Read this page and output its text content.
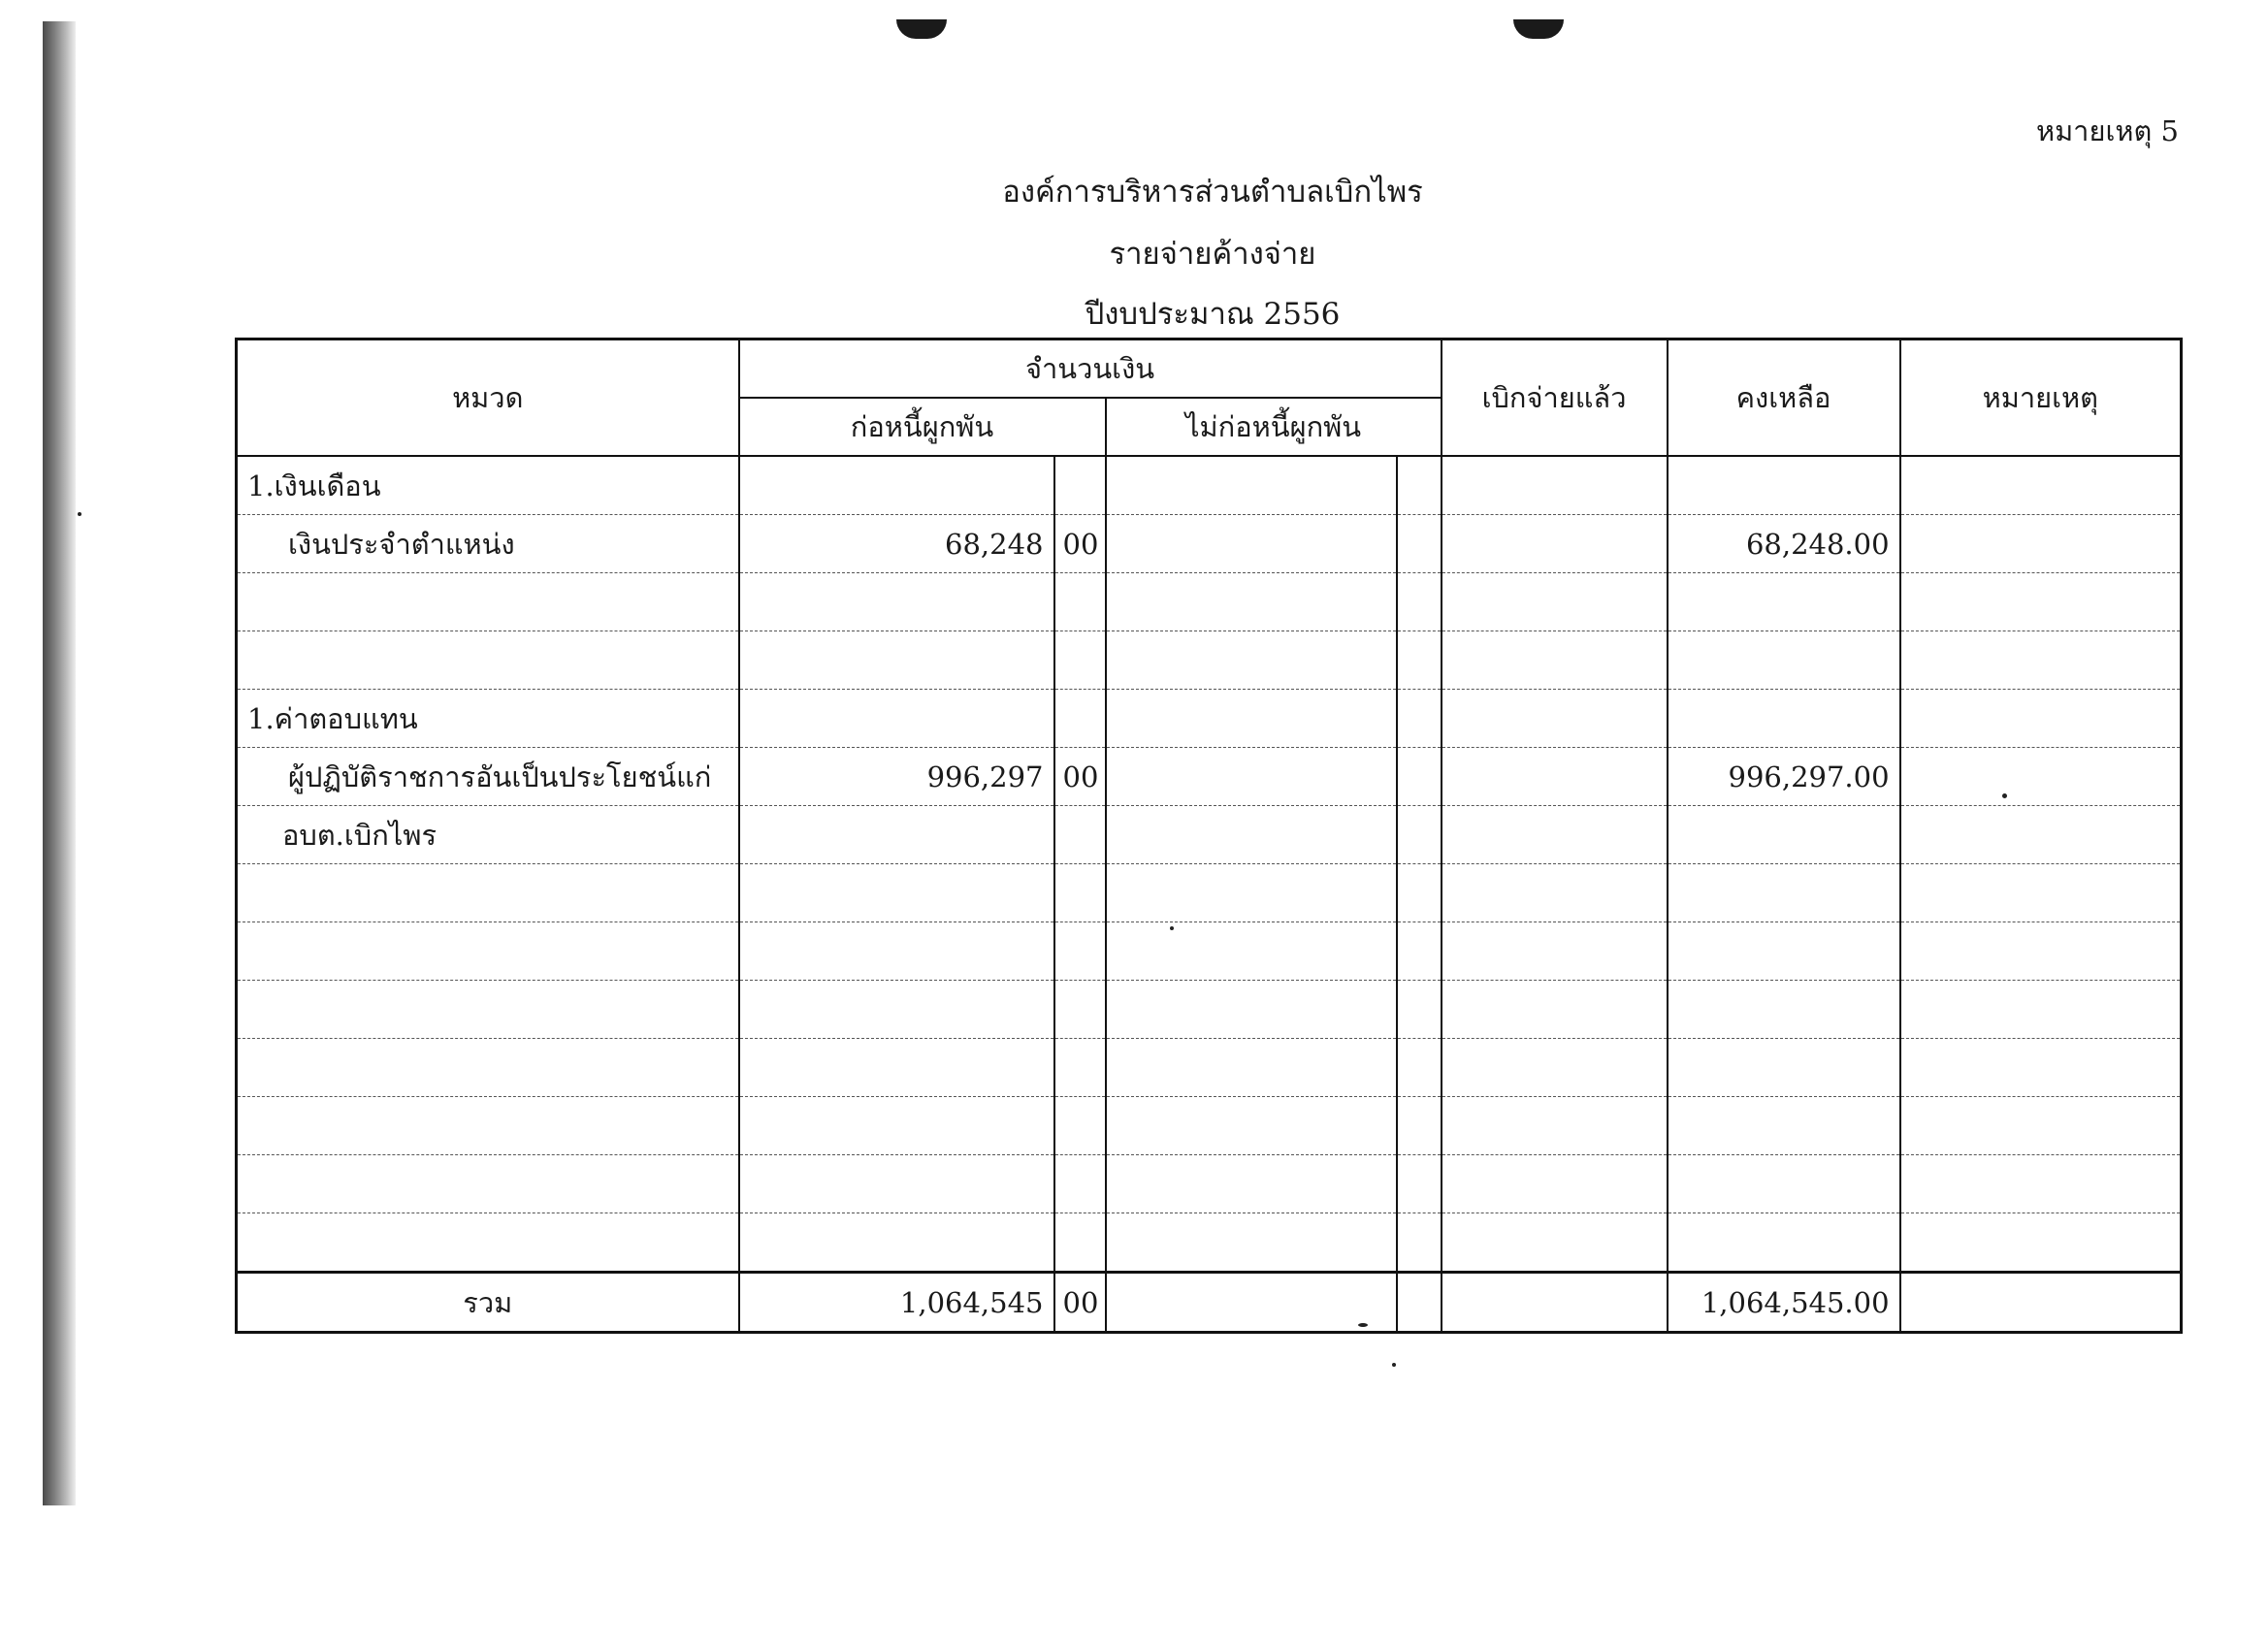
หมายเหตุ 5
องค์การบริหารส่วนตำบลเบิกไพร
รายจ่ายค้างจ่าย
ปีงบประมาณ 2556
หมวด	จำนวนเงิน				เบิกจ่ายแล้ว	คงเหลือ	หมายเหตุ
	ก่อหนี้ผูกพัน		ไม่ก่อหนี้ผูกพัน				
1.เงินเดือน							
เงินประจำตำแหน่ง	68,248	00				68,248.00	

1.ค่าตอบแทน							
ผู้ปฏิบัติราชการอันเป็นประโยชน์แก่	996,297	00				996,297.00	
อบต.เบิกไพร							

รวม	1,064,545	00				1,064,545.00	
